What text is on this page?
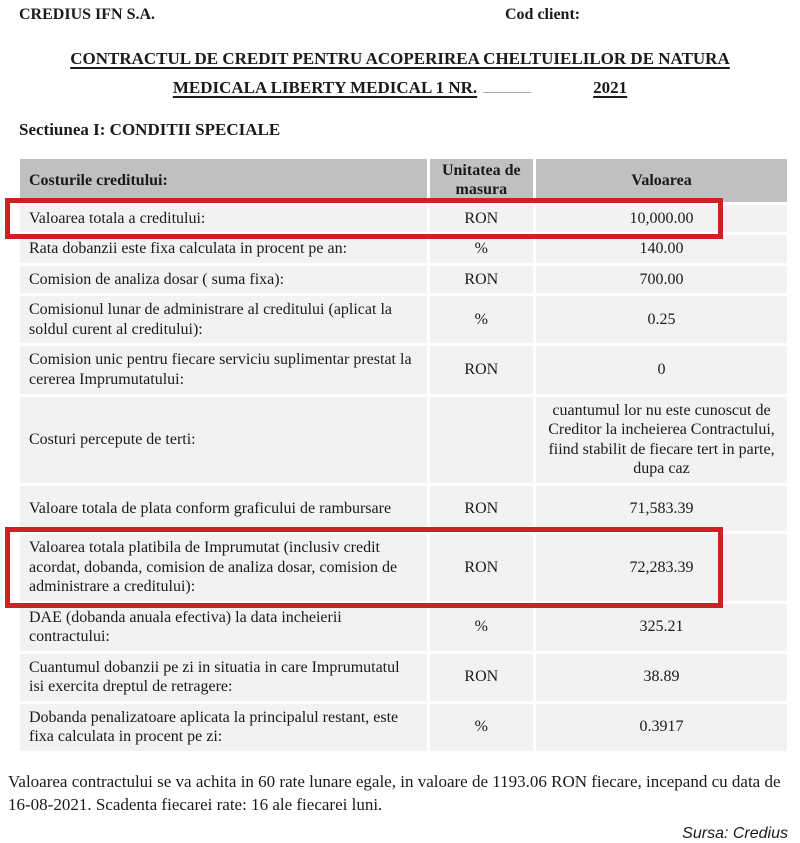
CREDIUS IFN S.A.	Cod client:
CONTRACTUL DE CREDIT PENTRU ACOPERIREA CHELTUIELILOR DE NATURA
MEDICALA LIBERTY MEDICAL 1 NR.	2021
Sectiunea I: CONDITII SPECIALE
Costurile creditului:	Unitatea de masura	Valoarea
Valoarea totala a creditului:	RON	10,000.00
Rata dobanzii este fixa calculata in procent pe an:	%	140.00
Comision de analiza dosar ( suma fixa):	RON	700.00
Comisionul lunar de administrare al creditului (aplicat la soldul curent al creditului):	%	0.25
Comision unic pentru fiecare serviciu suplimentar prestat la cererea Imprumutatului:	RON	0
Costuri percepute de terti:		cuantumul lor nu este cunoscut de Creditor la incheierea Contractului, fiind stabilit de fiecare tert in parte, dupa caz
Valoare totala de plata conform graficului de rambursare	RON	71,583.39
Valoarea totala platibila de Imprumutat (inclusiv credit acordat, dobanda, comision de analiza dosar, comision de administrare a creditului):	RON	72,283.39
DAE (dobanda anuala efectiva) la data incheierii contractului:	%	325.21
Cuantumul dobanzii pe zi in situatia in care Imprumutatul isi exercita dreptul de retragere:	RON	38.89
Dobanda penalizatoare aplicata la principalul restant, este fixa calculata in procent pe zi:	%	0.3917
Valoarea contractului se va achita in 60 rate lunare egale, in valoare de 1193.06 RON fiecare, incepand cu data de 16-08-2021. Scadenta fiecarei rate: 16 ale fiecarei luni.
Sursa: Credius
